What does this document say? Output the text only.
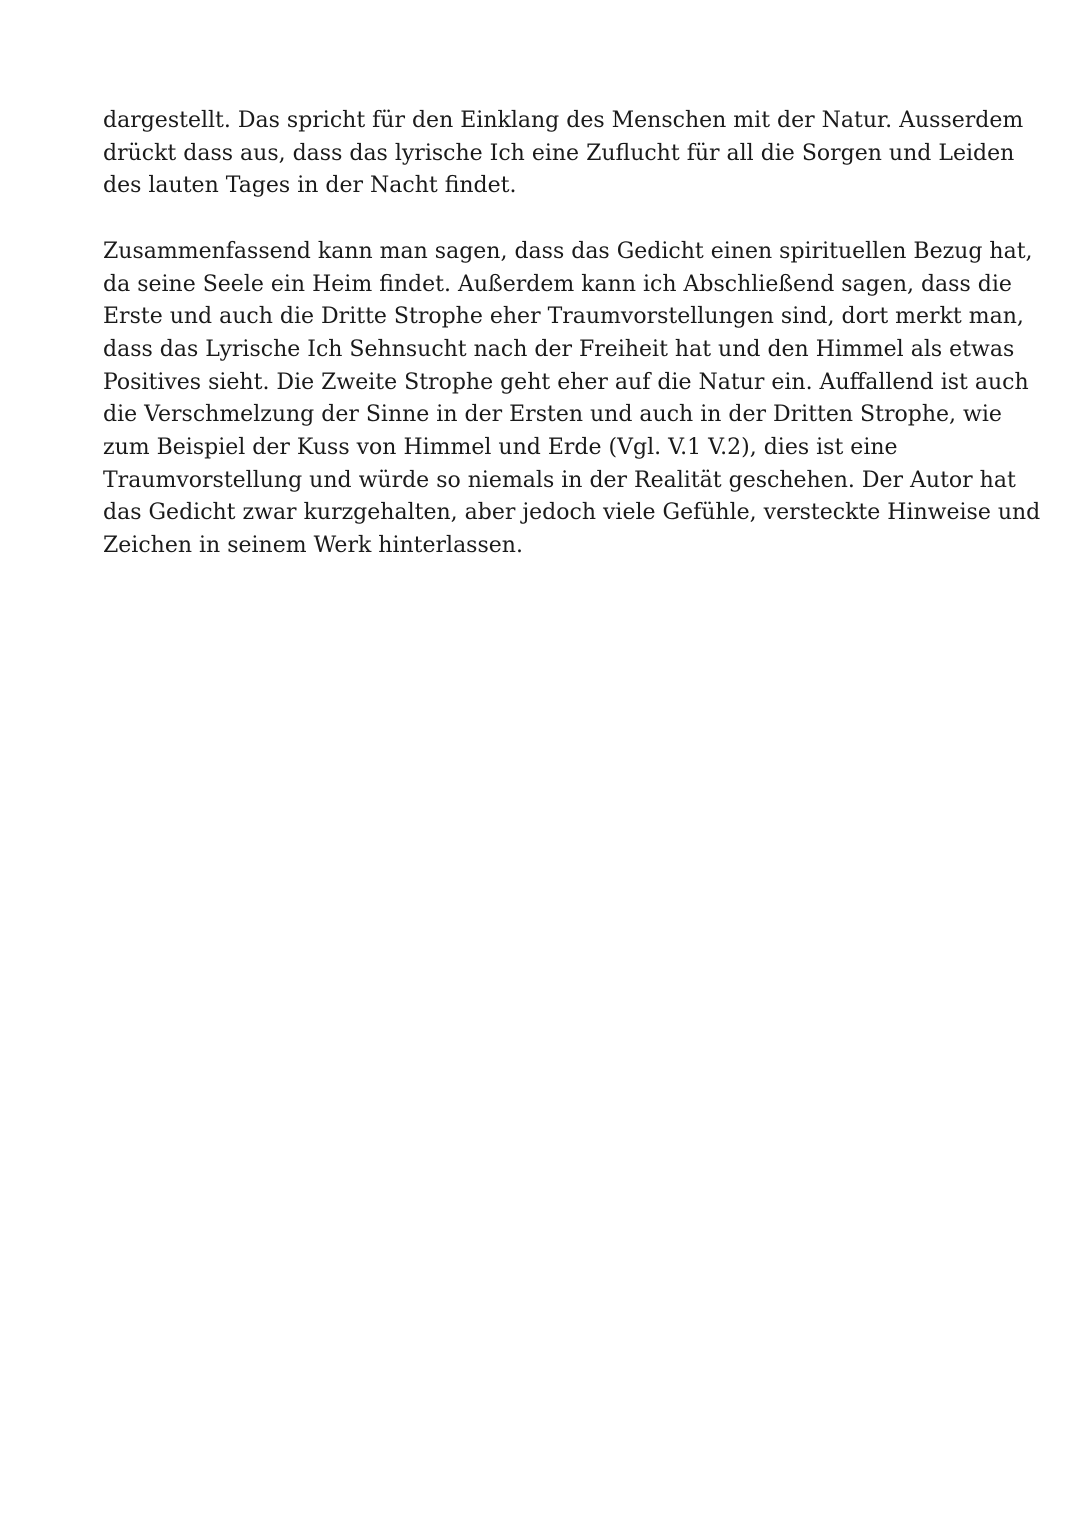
dargestellt. Das spricht für den Einklang des Menschen mit der Natur. Ausserdem
drückt dass aus, dass das lyrische Ich eine Zuflucht für all die Sorgen und Leiden
des lauten Tages in der Nacht findet.

Zusammenfassend kann man sagen, dass das Gedicht einen spirituellen Bezug hat,
da seine Seele ein Heim findet. Außerdem kann ich Abschließend sagen, dass die
Erste und auch die Dritte Strophe eher Traumvorstellungen sind, dort merkt man,
dass das Lyrische Ich Sehnsucht nach der Freiheit hat und den Himmel als etwas
Positives sieht. Die Zweite Strophe geht eher auf die Natur ein. Auffallend ist auch
die Verschmelzung der Sinne in der Ersten und auch in der Dritten Strophe, wie
zum Beispiel der Kuss von Himmel und Erde (Vgl. V.1 V.2), dies ist eine
Traumvorstellung und würde so niemals in der Realität geschehen. Der Autor hat
das Gedicht zwar kurzgehalten, aber jedoch viele Gefühle, versteckte Hinweise und
Zeichen in seinem Werk hinterlassen.
